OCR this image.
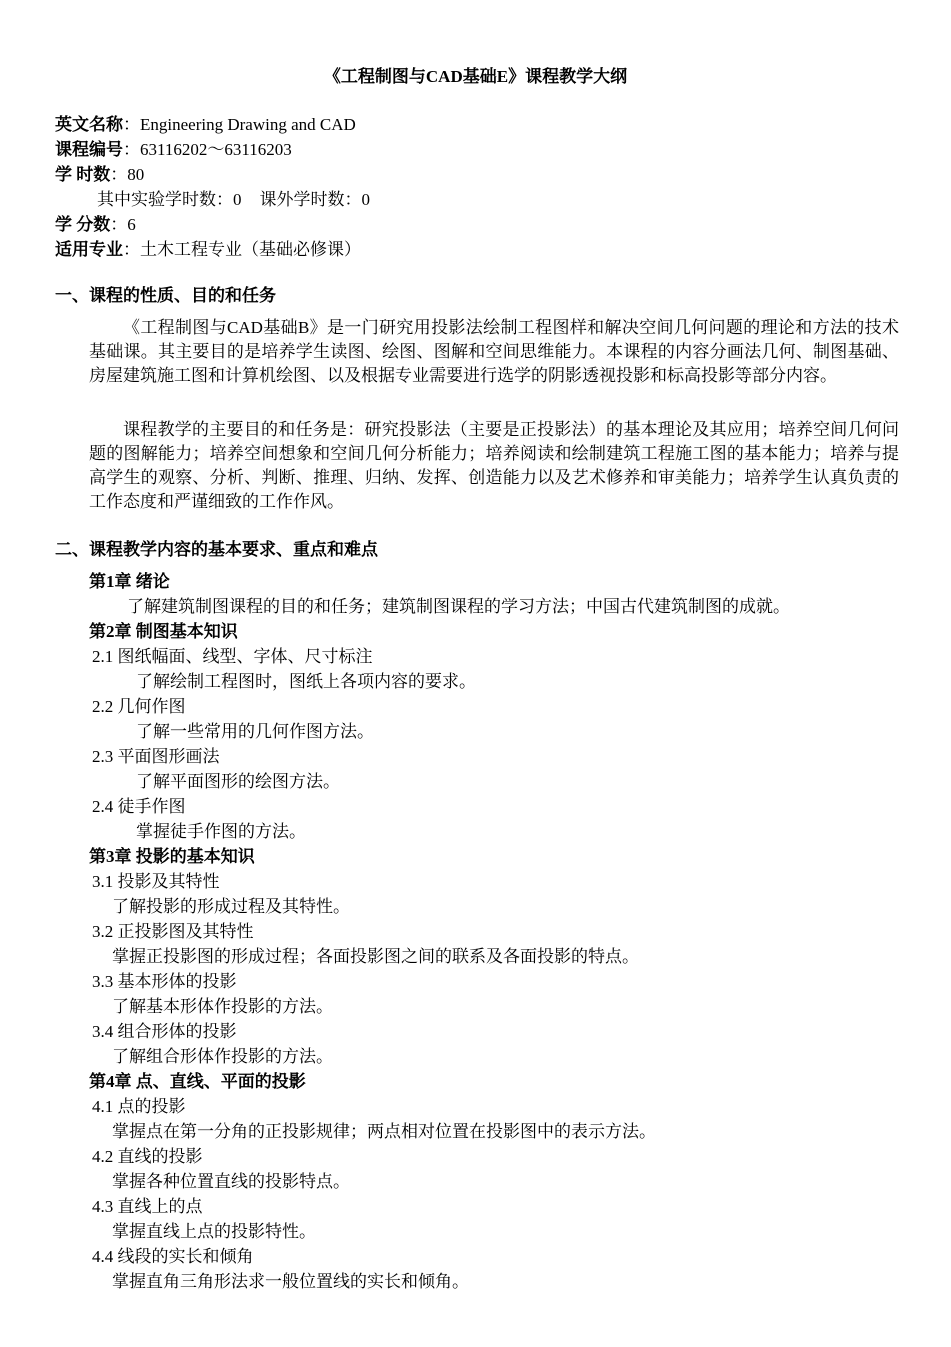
《工程制图与CAD基础E》课程教学大纲
英文名称：Engineering Drawing and CAD
课程编号：63116202～63116203
学 时数：80
其中实验学时数：0 课外学时数：0
学 分数：6
适用专业：土木工程专业（基础必修课）
一、课程的性质、目的和任务

《工程制图与CAD基础B》是一门研究用投影法绘制工程图样和解决空间几何问题的理论和方法的技术基础课。其主要目的是培养学生读图、绘图、图解和空间思维能力。本课程的内容分画法几何、制图基础、房屋建筑施工图和计算机绘图、以及根据专业需要进行选学的阴影透视投影和标高投影等部分内容。

课程教学的主要目的和任务是：研究投影法（主要是正投影法）的基本理论及其应用；培养空间几何问题的图解能力；培养空间想象和空间几何分析能力；培养阅读和绘制建筑工程施工图的基本能力；培养与提高学生的观察、分析、判断、推理、归纳、发挥、创造能力以及艺术修养和审美能力；培养学生认真负责的工作态度和严谨细致的工作作风。

二、课程教学内容的基本要求、重点和难点
第1章 绪论
了解建筑制图课程的目的和任务；建筑制图课程的学习方法；中国古代建筑制图的成就。
第2章 制图基本知识
2.1 图纸幅面、线型、字体、尺寸标注
了解绘制工程图时，图纸上各项内容的要求。
2.2 几何作图
了解一些常用的几何作图方法。
2.3 平面图形画法
了解平面图形的绘图方法。
2.4 徒手作图
掌握徒手作图的方法。
第3章 投影的基本知识
3.1 投影及其特性
了解投影的形成过程及其特性。
3.2 正投影图及其特性
掌握正投影图的形成过程；各面投影图之间的联系及各面投影的特点。
3.3 基本形体的投影
了解基本形体作投影的方法。
3.4 组合形体的投影
了解组合形体作投影的方法。
第4章 点、直线、平面的投影
4.1 点的投影
掌握点在第一分角的正投影规律；两点相对位置在投影图中的表示方法。
4.2 直线的投影
掌握各种位置直线的投影特点。
4.3 直线上的点
掌握直线上点的投影特性。
4.4 线段的实长和倾角
掌握直角三角形法求一般位置线的实长和倾角。
